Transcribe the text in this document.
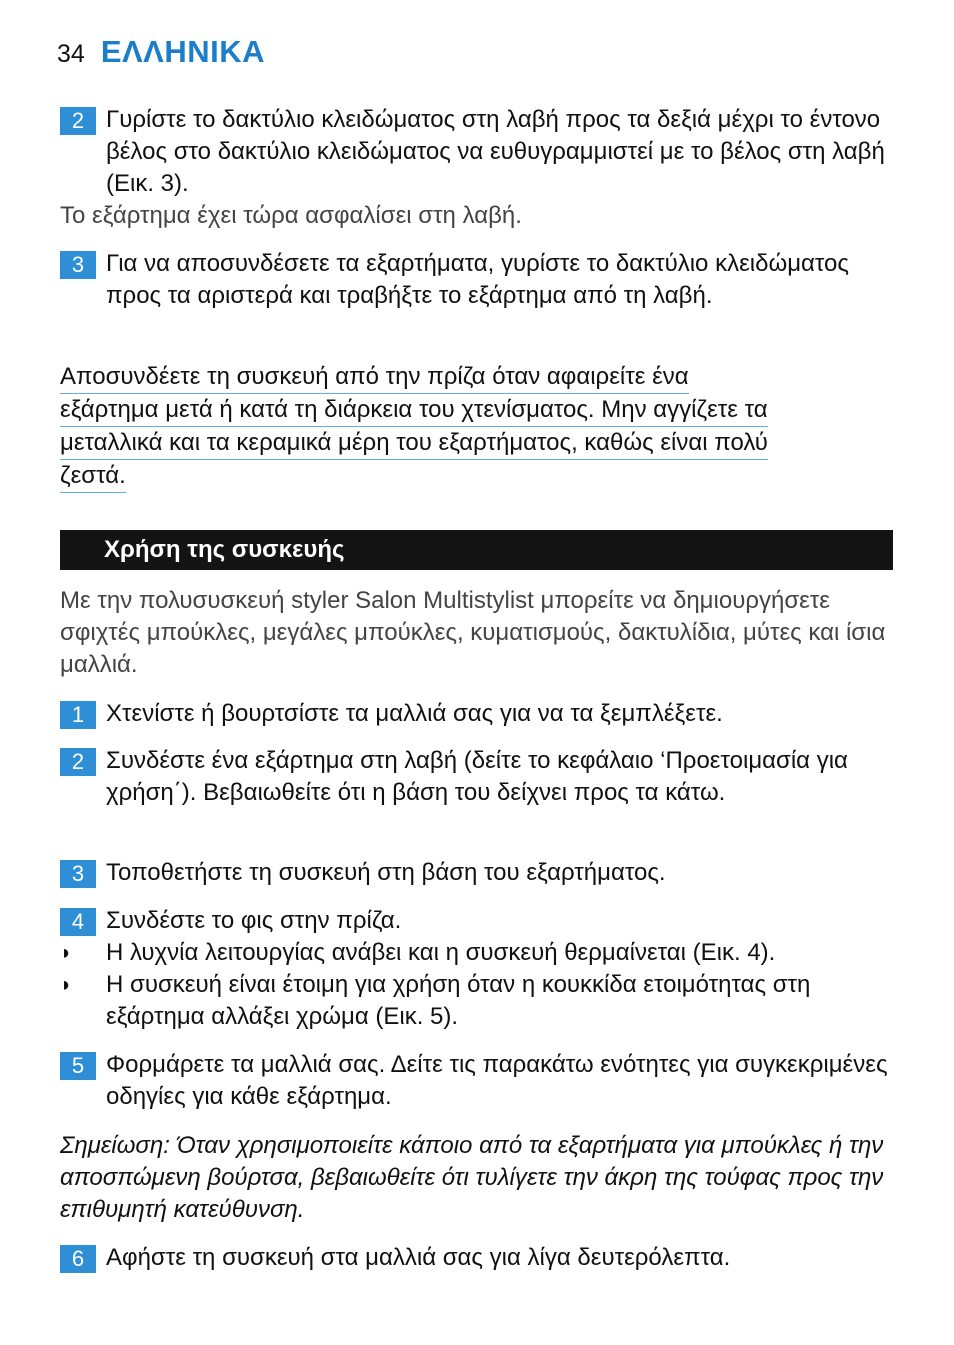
34 ΕΛΛΗΝΙΚΑ
2 Γυρίστε το δακτύλιο κλειδώματος στη λαβή προς τα δεξιά μέχρι το έντονο βέλος στο δακτύλιο κλειδώματος να ευθυγραμμιστεί με το βέλος στη λαβή (Εικ. 3).
Το εξάρτημα έχει τώρα ασφαλίσει στη λαβή.
3 Για να αποσυνδέσετε τα εξαρτήματα, γυρίστε το δακτύλιο κλειδώματος προς τα αριστερά και τραβήξτε το εξάρτημα από τη λαβή.
Αποσυνδέετε τη συσκευή από την πρίζα όταν αφαιρείτε ένα
εξάρτημα μετά ή κατά τη διάρκεια του χτενίσματος. Μην αγγίζετε τα
μεταλλικά και τα κεραμικά μέρη του εξαρτήματος, καθώς είναι πολύ
ζεστά.
Χρήση της συσκευής
Με την πολυσυσκευή styler Salon Multistylist μπορείτε να δημιουργήσετε σφιχτές μπούκλες, μεγάλες μπούκλες, κυματισμούς, δακτυλίδια, μύτες και ίσια μαλλιά.
1 Χτενίστε ή βουρτσίστε τα μαλλιά σας για να τα ξεμπλέξετε.
2 Συνδέστε ένα εξάρτημα στη λαβή (δείτε το κεφάλαιο ‘Προετοιμασία για χρήση΄). Βεβαιωθείτε ότι η βάση του δείχνει προς τα κάτω.
3 Τοποθετήστε τη συσκευή στη βάση του εξαρτήματος.
4 Συνδέστε το φις στην πρίζα.
◗	Η λυχνία λειτουργίας ανάβει και η συσκευή θερμαίνεται (Εικ. 4).
◗	Η συσκευή είναι έτοιμη για χρήση όταν η κουκκίδα ετοιμότητας στη εξάρτημα αλλάξει χρώμα (Εικ. 5).
5 Φορμάρετε τα μαλλιά σας. Δείτε τις παρακάτω ενότητες για συγκεκριμένες οδηγίες για κάθε εξάρτημα.
Σημείωση: Όταν χρησιμοποιείτε κάποιο από τα εξαρτήματα για μπούκλες ή την αποσπώμενη βούρτσα, βεβαιωθείτε ότι τυλίγετε την άκρη της τούφας προς την επιθυμητή κατεύθυνση.
6 Αφήστε τη συσκευή στα μαλλιά σας για λίγα δευτερόλεπτα.
